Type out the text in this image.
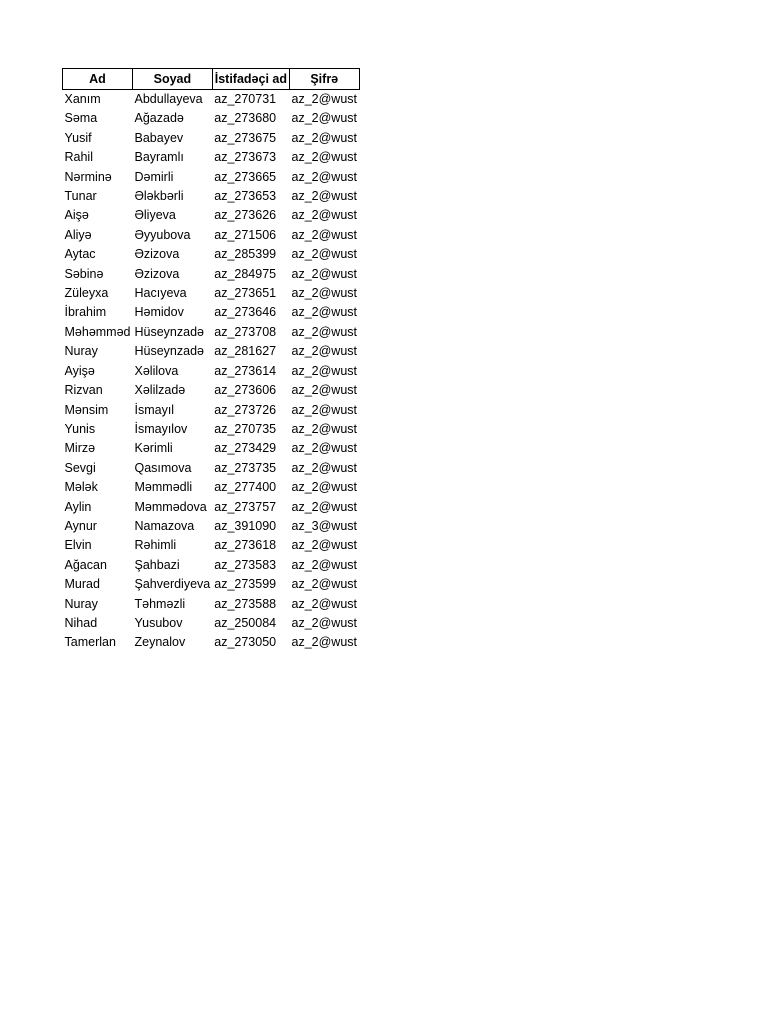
Ad	Soyad	İstifadəçi ad	Şifrə
Xanım	Abdullayeva	az_270731	az_2@wust
Səma	Ağazadə	az_273680	az_2@wust
Yusif	Babayev	az_273675	az_2@wust
Rahil	Bayramlı	az_273673	az_2@wust
Nərminə	Dəmirli	az_273665	az_2@wust
Tunar	Ələkbərli	az_273653	az_2@wust
Aişə	Əliyeva	az_273626	az_2@wust
Aliyə	Əyyubova	az_271506	az_2@wust
Aytac	Əzizova	az_285399	az_2@wust
Səbinə	Əzizova	az_284975	az_2@wust
Züleyxa	Hacıyeva	az_273651	az_2@wust
İbrahim	Həmidov	az_273646	az_2@wust
Məhəmməd	Hüseynzadə	az_273708	az_2@wust
Nuray	Hüseynzadə	az_281627	az_2@wust
Ayişə	Xəlilova	az_273614	az_2@wust
Rizvan	Xəlilzadə	az_273606	az_2@wust
Mənsim	İsmayıl	az_273726	az_2@wust
Yunis	İsmayılov	az_270735	az_2@wust
Mirzə	Kərimli	az_273429	az_2@wust
Sevgi	Qasımova	az_273735	az_2@wust
Mələk	Məmmədli	az_277400	az_2@wust
Aylin	Məmmədova	az_273757	az_2@wust
Aynur	Namazova	az_391090	az_3@wust
Elvin	Rəhimli	az_273618	az_2@wust
Ağacan	Şahbazi	az_273583	az_2@wust
Murad	Şahverdiyeva	az_273599	az_2@wust
Nuray	Təhməzli	az_273588	az_2@wust
Nihad	Yusubov	az_250084	az_2@wust
Tamerlan	Zeynalov	az_273050	az_2@wust
